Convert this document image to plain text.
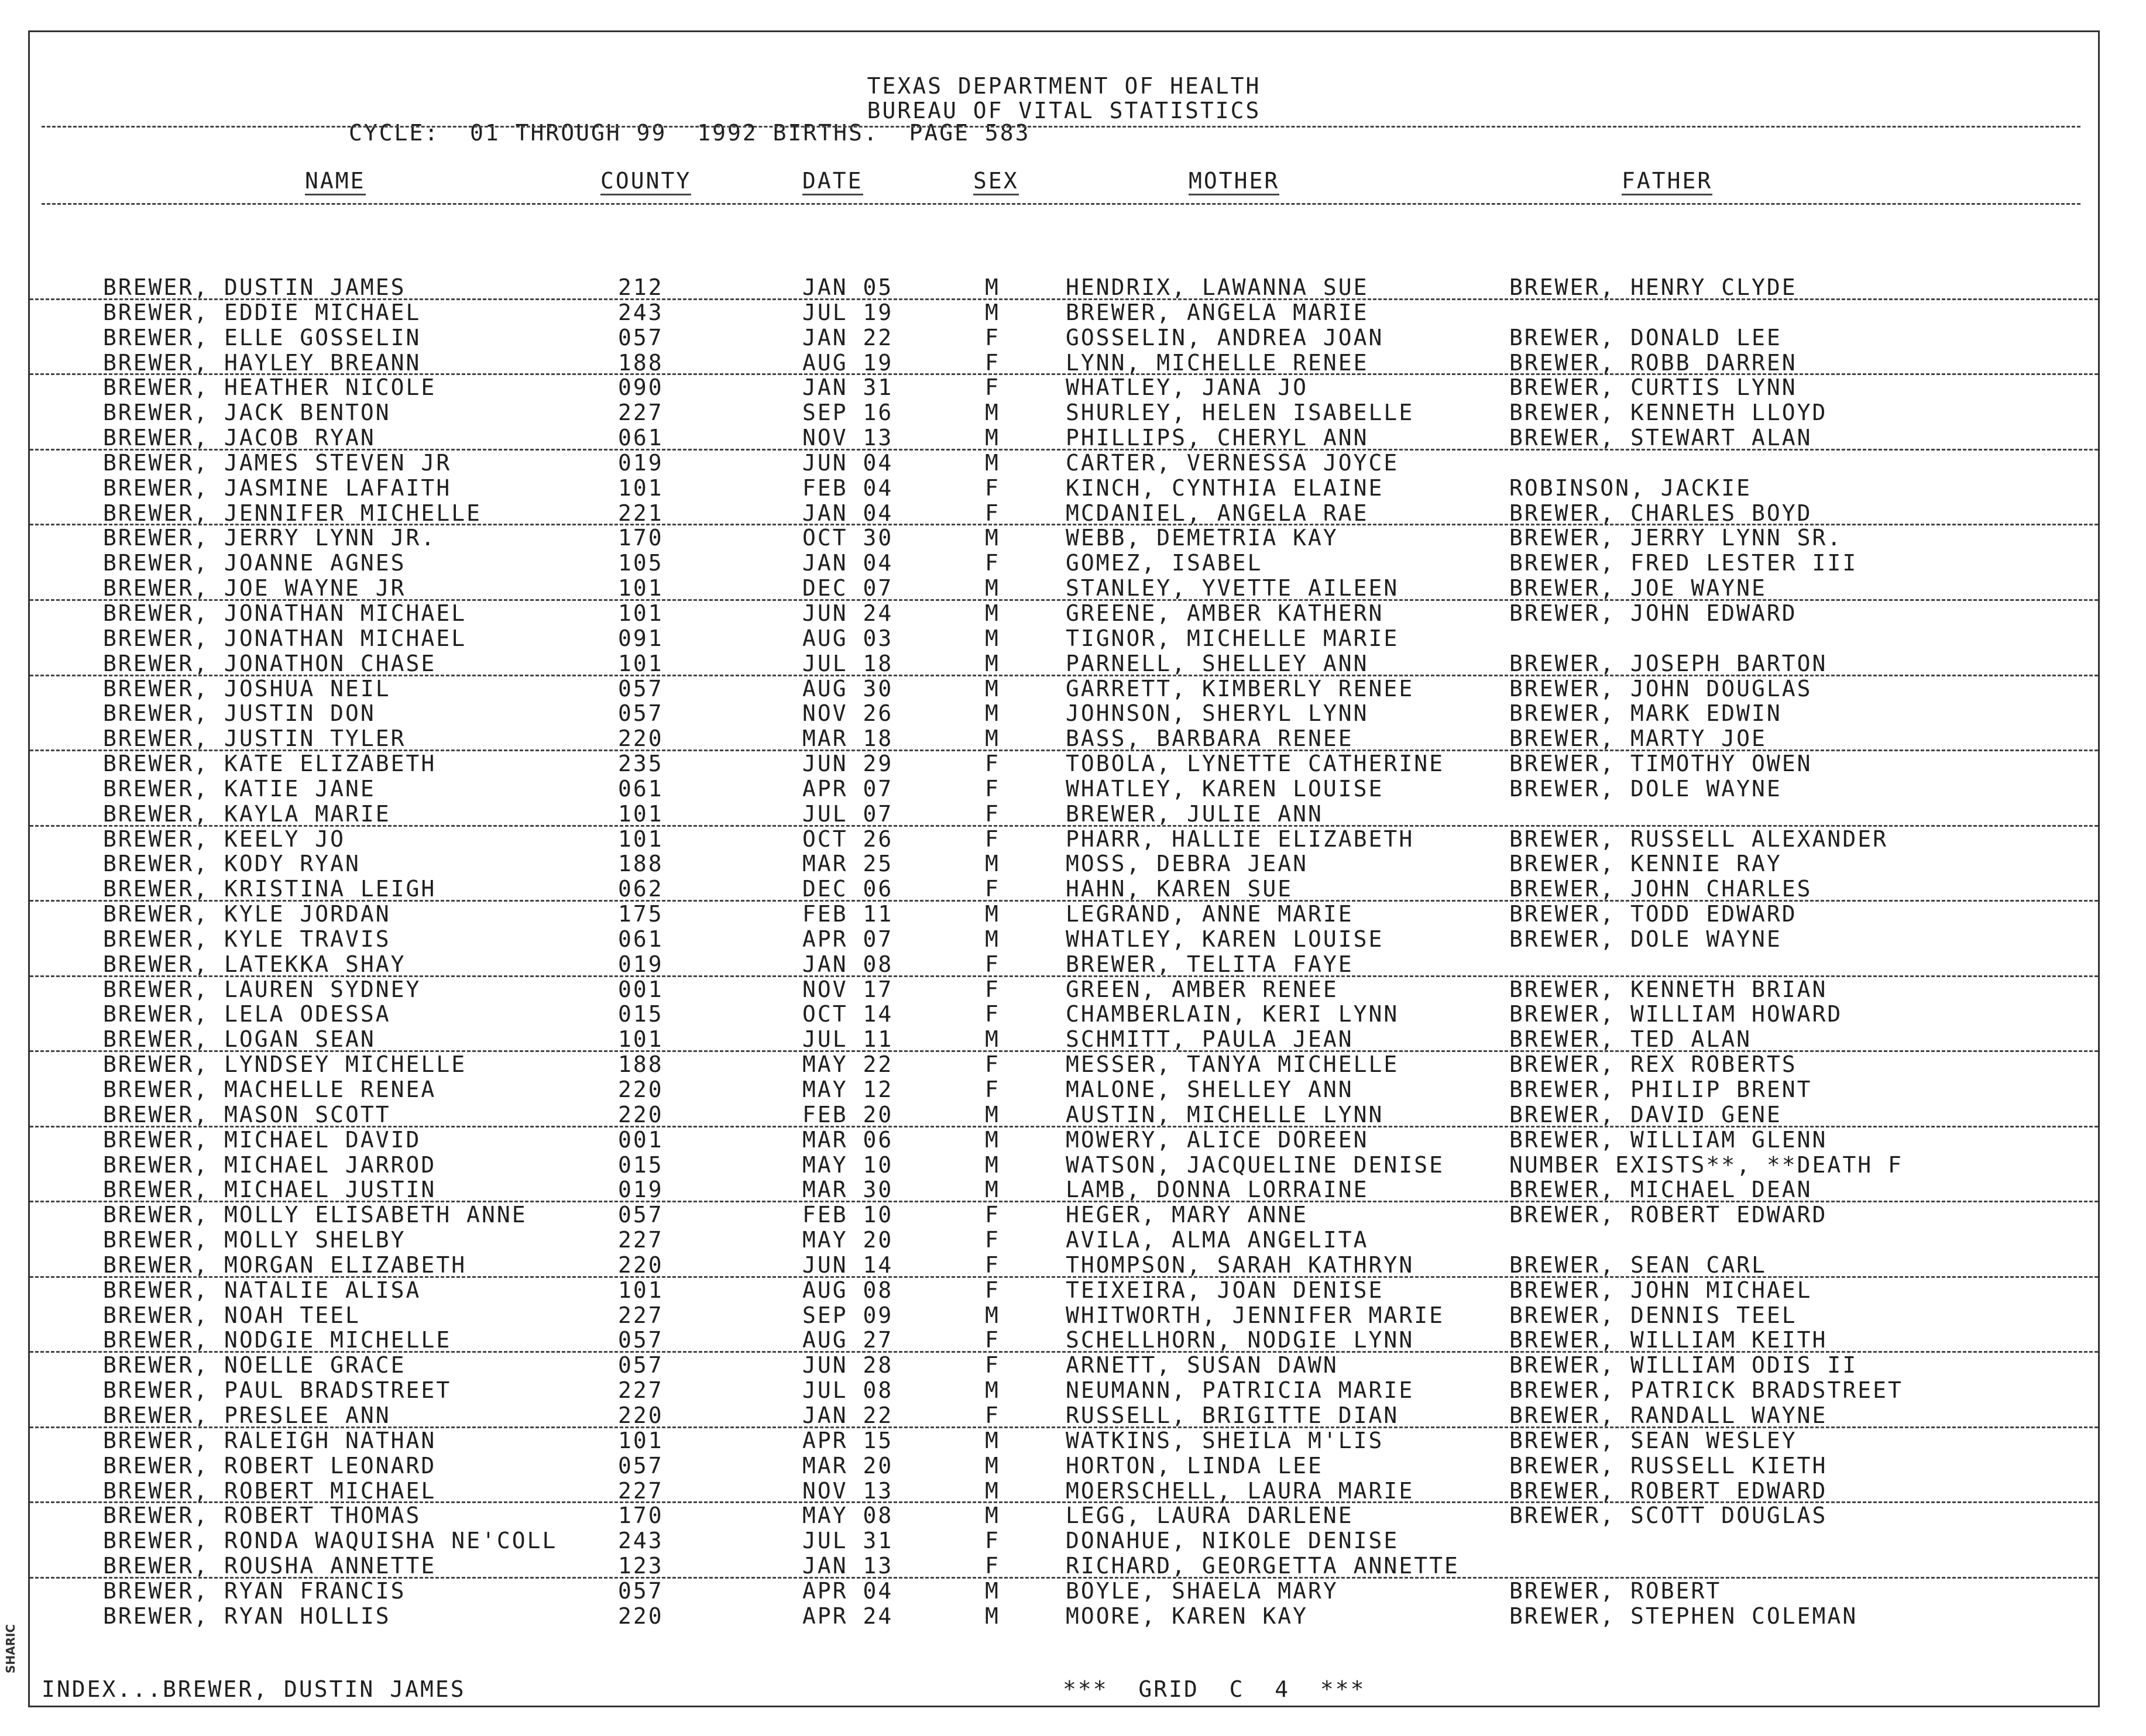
TEXAS DEPARTMENT OF HEALTH
BUREAU OF VITAL STATISTICS
CYCLE:  01 THROUGH 99  1992 BIRTHS.  PAGE 583
NAME	COUNTY	DATE	SEX	MOTHER	FATHER
BREWER, DUSTIN JAMES	212	JAN 05	M	HENDRIX, LAWANNA SUE	BREWER, HENRY CLYDE
BREWER, EDDIE MICHAEL	243	JUL 19	M	BREWER, ANGELA MARIE
BREWER, ELLE GOSSELIN	057	JAN 22	F	GOSSELIN, ANDREA JOAN	BREWER, DONALD LEE
BREWER, HAYLEY BREANN	188	AUG 19	F	LYNN, MICHELLE RENEE	BREWER, ROBB DARREN
BREWER, HEATHER NICOLE	090	JAN 31	F	WHATLEY, JANA JO	BREWER, CURTIS LYNN
BREWER, JACK BENTON	227	SEP 16	M	SHURLEY, HELEN ISABELLE	BREWER, KENNETH LLOYD
BREWER, JACOB RYAN	061	NOV 13	M	PHILLIPS, CHERYL ANN	BREWER, STEWART ALAN
BREWER, JAMES STEVEN JR	019	JUN 04	M	CARTER, VERNESSA JOYCE
BREWER, JASMINE LAFAITH	101	FEB 04	F	KINCH, CYNTHIA ELAINE	ROBINSON, JACKIE
BREWER, JENNIFER MICHELLE	221	JAN 04	F	MCDANIEL, ANGELA RAE	BREWER, CHARLES BOYD
BREWER, JERRY LYNN JR.	170	OCT 30	M	WEBB, DEMETRIA KAY	BREWER, JERRY LYNN SR.
BREWER, JOANNE AGNES	105	JAN 04	F	GOMEZ, ISABEL	BREWER, FRED LESTER III
BREWER, JOE WAYNE JR	101	DEC 07	M	STANLEY, YVETTE AILEEN	BREWER, JOE WAYNE
BREWER, JONATHAN MICHAEL	101	JUN 24	M	GREENE, AMBER KATHERN	BREWER, JOHN EDWARD
BREWER, JONATHAN MICHAEL	091	AUG 03	M	TIGNOR, MICHELLE MARIE
BREWER, JONATHON CHASE	101	JUL 18	M	PARNELL, SHELLEY ANN	BREWER, JOSEPH BARTON
BREWER, JOSHUA NEIL	057	AUG 30	M	GARRETT, KIMBERLY RENEE	BREWER, JOHN DOUGLAS
BREWER, JUSTIN DON	057	NOV 26	M	JOHNSON, SHERYL LYNN	BREWER, MARK EDWIN
BREWER, JUSTIN TYLER	220	MAR 18	M	BASS, BARBARA RENEE	BREWER, MARTY JOE
BREWER, KATE ELIZABETH	235	JUN 29	F	TOBOLA, LYNETTE CATHERINE	BREWER, TIMOTHY OWEN
BREWER, KATIE JANE	061	APR 07	F	WHATLEY, KAREN LOUISE	BREWER, DOLE WAYNE
BREWER, KAYLA MARIE	101	JUL 07	F	BREWER, JULIE ANN
BREWER, KEELY JO	101	OCT 26	F	PHARR, HALLIE ELIZABETH	BREWER, RUSSELL ALEXANDER
BREWER, KODY RYAN	188	MAR 25	M	MOSS, DEBRA JEAN	BREWER, KENNIE RAY
BREWER, KRISTINA LEIGH	062	DEC 06	F	HAHN, KAREN SUE	BREWER, JOHN CHARLES
BREWER, KYLE JORDAN	175	FEB 11	M	LEGRAND, ANNE MARIE	BREWER, TODD EDWARD
BREWER, KYLE TRAVIS	061	APR 07	M	WHATLEY, KAREN LOUISE	BREWER, DOLE WAYNE
BREWER, LATEKKA SHAY	019	JAN 08	F	BREWER, TELITA FAYE
BREWER, LAUREN SYDNEY	001	NOV 17	F	GREEN, AMBER RENEE	BREWER, KENNETH BRIAN
BREWER, LELA ODESSA	015	OCT 14	F	CHAMBERLAIN, KERI LYNN	BREWER, WILLIAM HOWARD
BREWER, LOGAN SEAN	101	JUL 11	M	SCHMITT, PAULA JEAN	BREWER, TED ALAN
BREWER, LYNDSEY MICHELLE	188	MAY 22	F	MESSER, TANYA MICHELLE	BREWER, REX ROBERTS
BREWER, MACHELLE RENEA	220	MAY 12	F	MALONE, SHELLEY ANN	BREWER, PHILIP BRENT
BREWER, MASON SCOTT	220	FEB 20	M	AUSTIN, MICHELLE LYNN	BREWER, DAVID GENE
BREWER, MICHAEL DAVID	001	MAR 06	M	MOWERY, ALICE DOREEN	BREWER, WILLIAM GLENN
BREWER, MICHAEL JARROD	015	MAY 10	M	WATSON, JACQUELINE DENISE	NUMBER EXISTS**, **DEATH F
BREWER, MICHAEL JUSTIN	019	MAR 30	M	LAMB, DONNA LORRAINE	BREWER, MICHAEL DEAN
BREWER, MOLLY ELISABETH ANNE	057	FEB 10	F	HEGER, MARY ANNE	BREWER, ROBERT EDWARD
BREWER, MOLLY SHELBY	227	MAY 20	F	AVILA, ALMA ANGELITA
BREWER, MORGAN ELIZABETH	220	JUN 14	F	THOMPSON, SARAH KATHRYN	BREWER, SEAN CARL
BREWER, NATALIE ALISA	101	AUG 08	F	TEIXEIRA, JOAN DENISE	BREWER, JOHN MICHAEL
BREWER, NOAH TEEL	227	SEP 09	M	WHITWORTH, JENNIFER MARIE	BREWER, DENNIS TEEL
BREWER, NODGIE MICHELLE	057	AUG 27	F	SCHELLHORN, NODGIE LYNN	BREWER, WILLIAM KEITH
BREWER, NOELLE GRACE	057	JUN 28	F	ARNETT, SUSAN DAWN	BREWER, WILLIAM ODIS II
BREWER, PAUL BRADSTREET	227	JUL 08	M	NEUMANN, PATRICIA MARIE	BREWER, PATRICK BRADSTREET
BREWER, PRESLEE ANN	220	JAN 22	F	RUSSELL, BRIGITTE DIAN	BREWER, RANDALL WAYNE
BREWER, RALEIGH NATHAN	101	APR 15	M	WATKINS, SHEILA M'LIS	BREWER, SEAN WESLEY
BREWER, ROBERT LEONARD	057	MAR 20	M	HORTON, LINDA LEE	BREWER, RUSSELL KIETH
BREWER, ROBERT MICHAEL	227	NOV 13	M	MOERSCHELL, LAURA MARIE	BREWER, ROBERT EDWARD
BREWER, ROBERT THOMAS	170	MAY 08	M	LEGG, LAURA DARLENE	BREWER, SCOTT DOUGLAS
BREWER, RONDA WAQUISHA NE'COLL	243	JUL 31	F	DONAHUE, NIKOLE DENISE
BREWER, ROUSHA ANNETTE	123	JAN 13	F	RICHARD, GEORGETTA ANNETTE
BREWER, RYAN FRANCIS	057	APR 04	M	BOYLE, SHAELA MARY	BREWER, ROBERT
BREWER, RYAN HOLLIS	220	APR 24	M	MOORE, KAREN KAY	BREWER, STEPHEN COLEMAN
INDEX...BREWER, DUSTIN JAMES	***  GRID  C  4  ***
SHARIC
